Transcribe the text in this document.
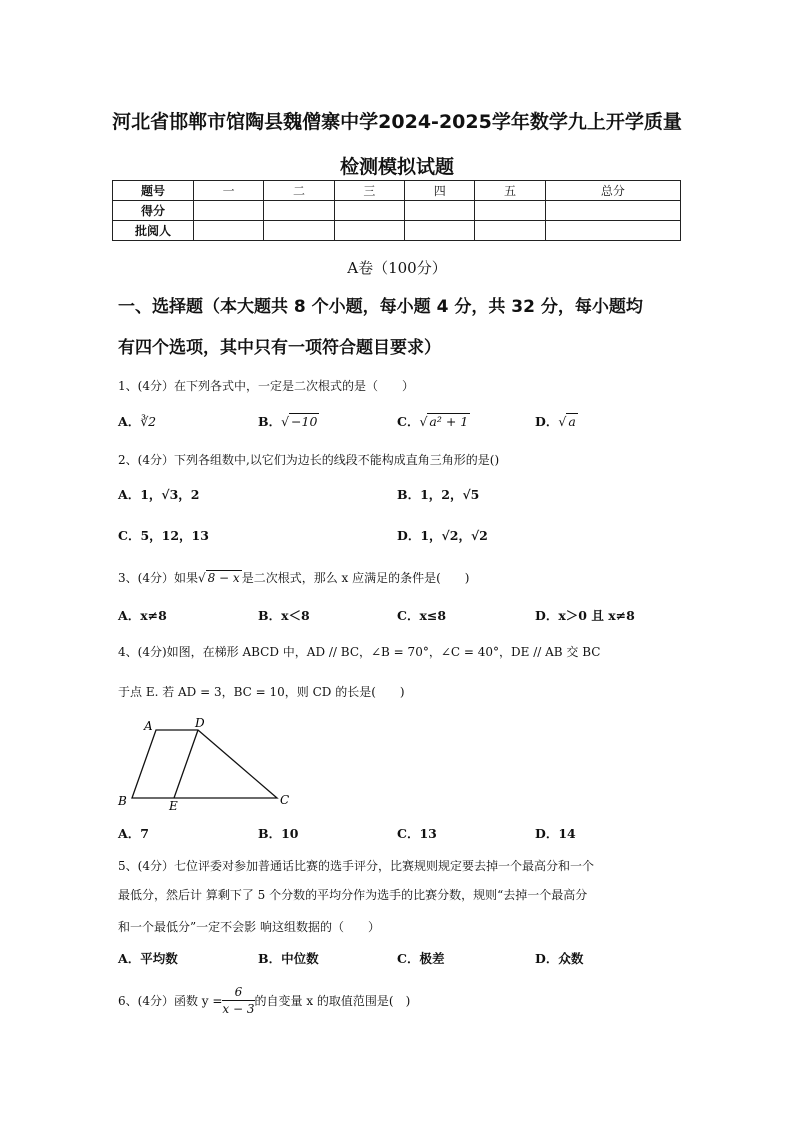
河北省邯郸市馆陶县魏僧寨中学2024-2025学年数学九上开学质量
检测模拟试题
题号	一	二	三	四	五	总分
得分						
批阅人						
A卷（100分）
一、选择题（本大题共 8 个小题，每小题 4 分，共 32 分，每小题均
有四个选项，其中只有一项符合题目要求）
1、(4分）在下列各式中，一定是二次根式的是（　　）
A．∛2	B．√ −10	C．√ a² + 1	D．√ a
2、(4分）下列各组数中,以它们为边长的线段不能构成直角三角形的是()
A．1，√3，2	B．1，2，√5
C．5，12，13	D．1，√2，√2
3、(4分）如果√ 8 − x 是二次根式，那么 x 应满足的条件是(　　)
A．x≠8	B．x＜8	C．x≤8	D．x＞0 且 x≠8
4、(4分)如图，在梯形 ABCD 中，AD // BC，∠B = 70°，∠C = 40°，DE // AB 交 BC
于点 E. 若 AD = 3，BC = 10，则 CD 的长是(　　)
A	D
B	E	C
A．7	B．10	C．13	D．14
5、(4分）七位评委对参加普通话比赛的选手评分，比赛规则规定要去掉一个最高分和一个
最低分，然后计 算剩下了 5 个分数的平均分作为选手的比赛分数，规则“去掉一个最高分
和一个最低分”一定不会影 响这组数据的（　　）
A．平均数	B．中位数	C．极差	D．众数
6、(4分）函数 $y = \frac{6}{x - 3}$ 的自变量 x 的取值范围是(　)
